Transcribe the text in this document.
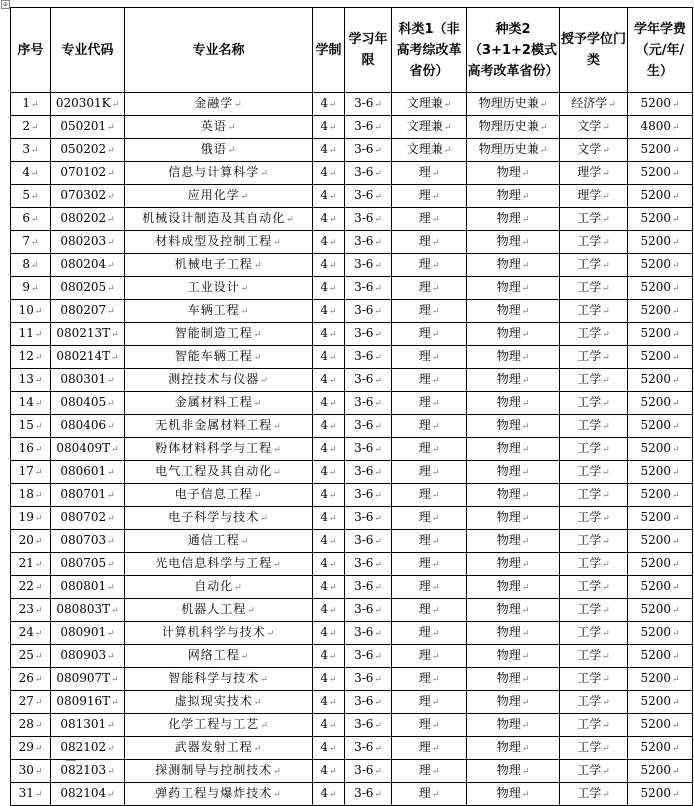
⊕
序号	专业代码	专业名称	学制	学习年限	科类1（非高考综改革省份）	种类2（3+1+2模式高考改革省份）	授予学位门类	学年学费（元/年/生）
1↵	020301K↵	金融学↵	4↵	3-6↵	文理兼↵	物理历史兼↵	经济学↵	5200↵
2↵	050201↵	英语↵	4↵	3-6↵	文理兼↵	物理历史兼↵	文学↵	4800↵
3↵	050202↵	俄语↵	4↵	3-6↵	文理兼↵	物理历史兼↵	文学↵	5200↵
4↵	070102↵	信息与计算科学↵	4↵	3-6↵	理↵	物理↵	理学↵	5200↵
5↵	070302↵	应用化学↵	4↵	3-6↵	理↵	物理↵	理学↵	5200↵
6↵	080202↵	机械设计制造及其自动化↵	4↵	3-6↵	理↵	物理↵	工学↵	5200↵
7↵	080203↵	材料成型及控制工程↵	4↵	3-6↵	理↵	物理↵	工学↵	5200↵
8↵	080204↵	机械电子工程↵	4↵	3-6↵	理↵	物理↵	工学↵	5200↵
9↵	080205↵	工业设计↵	4↵	3-6↵	理↵	物理↵	工学↵	5200↵
10↵	080207↵	车辆工程↵	4↵	3-6↵	理↵	物理↵	工学↵	5200↵
11↵	080213T↵	智能制造工程↵	4↵	3-6↵	理↵	物理↵	工学↵	5200↵
12↵	080214T↵	智能车辆工程↵	4↵	3-6↵	理↵	物理↵	工学↵	5200↵
13↵	080301↵	测控技术与仪器↵	4↵	3-6↵	理↵	物理↵	工学↵	5200↵
14↵	080405↵	金属材料工程↵	4↵	3-6↵	理↵	物理↵	工学↵	5200↵
15↵	080406↵	无机非金属材料工程↵	4↵	3-6↵	理↵	物理↵	工学↵	5200↵
16↵	080409T↵	粉体材料科学与工程↵	4↵	3-6↵	理↵	物理↵	工学↵	5200↵
17↵	080601↵	电气工程及其自动化↵	4↵	3-6↵	理↵	物理↵	工学↵	5200↵
18↵	080701↵	电子信息工程↵	4↵	3-6↵	理↵	物理↵	工学↵	5200↵
19↵	080702↵	电子科学与技术↵	4↵	3-6↵	理↵	物理↵	工学↵	5200↵
20↵	080703↵	通信工程↵	4↵	3-6↵	理↵	物理↵	工学↵	5200↵
21↵	080705↵	光电信息科学与工程↵	4↵	3-6↵	理↵	物理↵	工学↵	5200↵
22↵	080801↵	自动化↵	4↵	3-6↵	理↵	物理↵	工学↵	5200↵
23↵	080803T↵	机器人工程↵	4↵	3-6↵	理↵	物理↵	工学↵	5200↵
24↵	080901↵	计算机科学与技术↵	4↵	3-6↵	理↵	物理↵	工学↵	5200↵
25↵	080903↵	网络工程↵	4↵	3-6↵	理↵	物理↵	工学↵	5200↵
26↵	080907T↵	智能科学与技术↵	4↵	3-6↵	理↵	物理↵	工学↵	5200↵
27↵	080916T↵	虚拟现实技术↵	4↵	3-6↵	理↵	物理↵	工学↵	5200↵
28↵	081301↵	化学工程与工艺↵	4↵	3-6↵	理↵	物理↵	工学↵	5200↵
29↵	082102↵	武器发射工程↵	4↵	3-6↵	理↵	物理↵	工学↵	5200↵
30↵	082103↵	探测制导与控制技术↵	4↵	3-6↵	理↵	物理↵	工学↵	5200↵
31↵	082104↵	弹药工程与爆炸技术↵	4↵	3-6↵	理↵	物理↵	工学↵	5200↵
